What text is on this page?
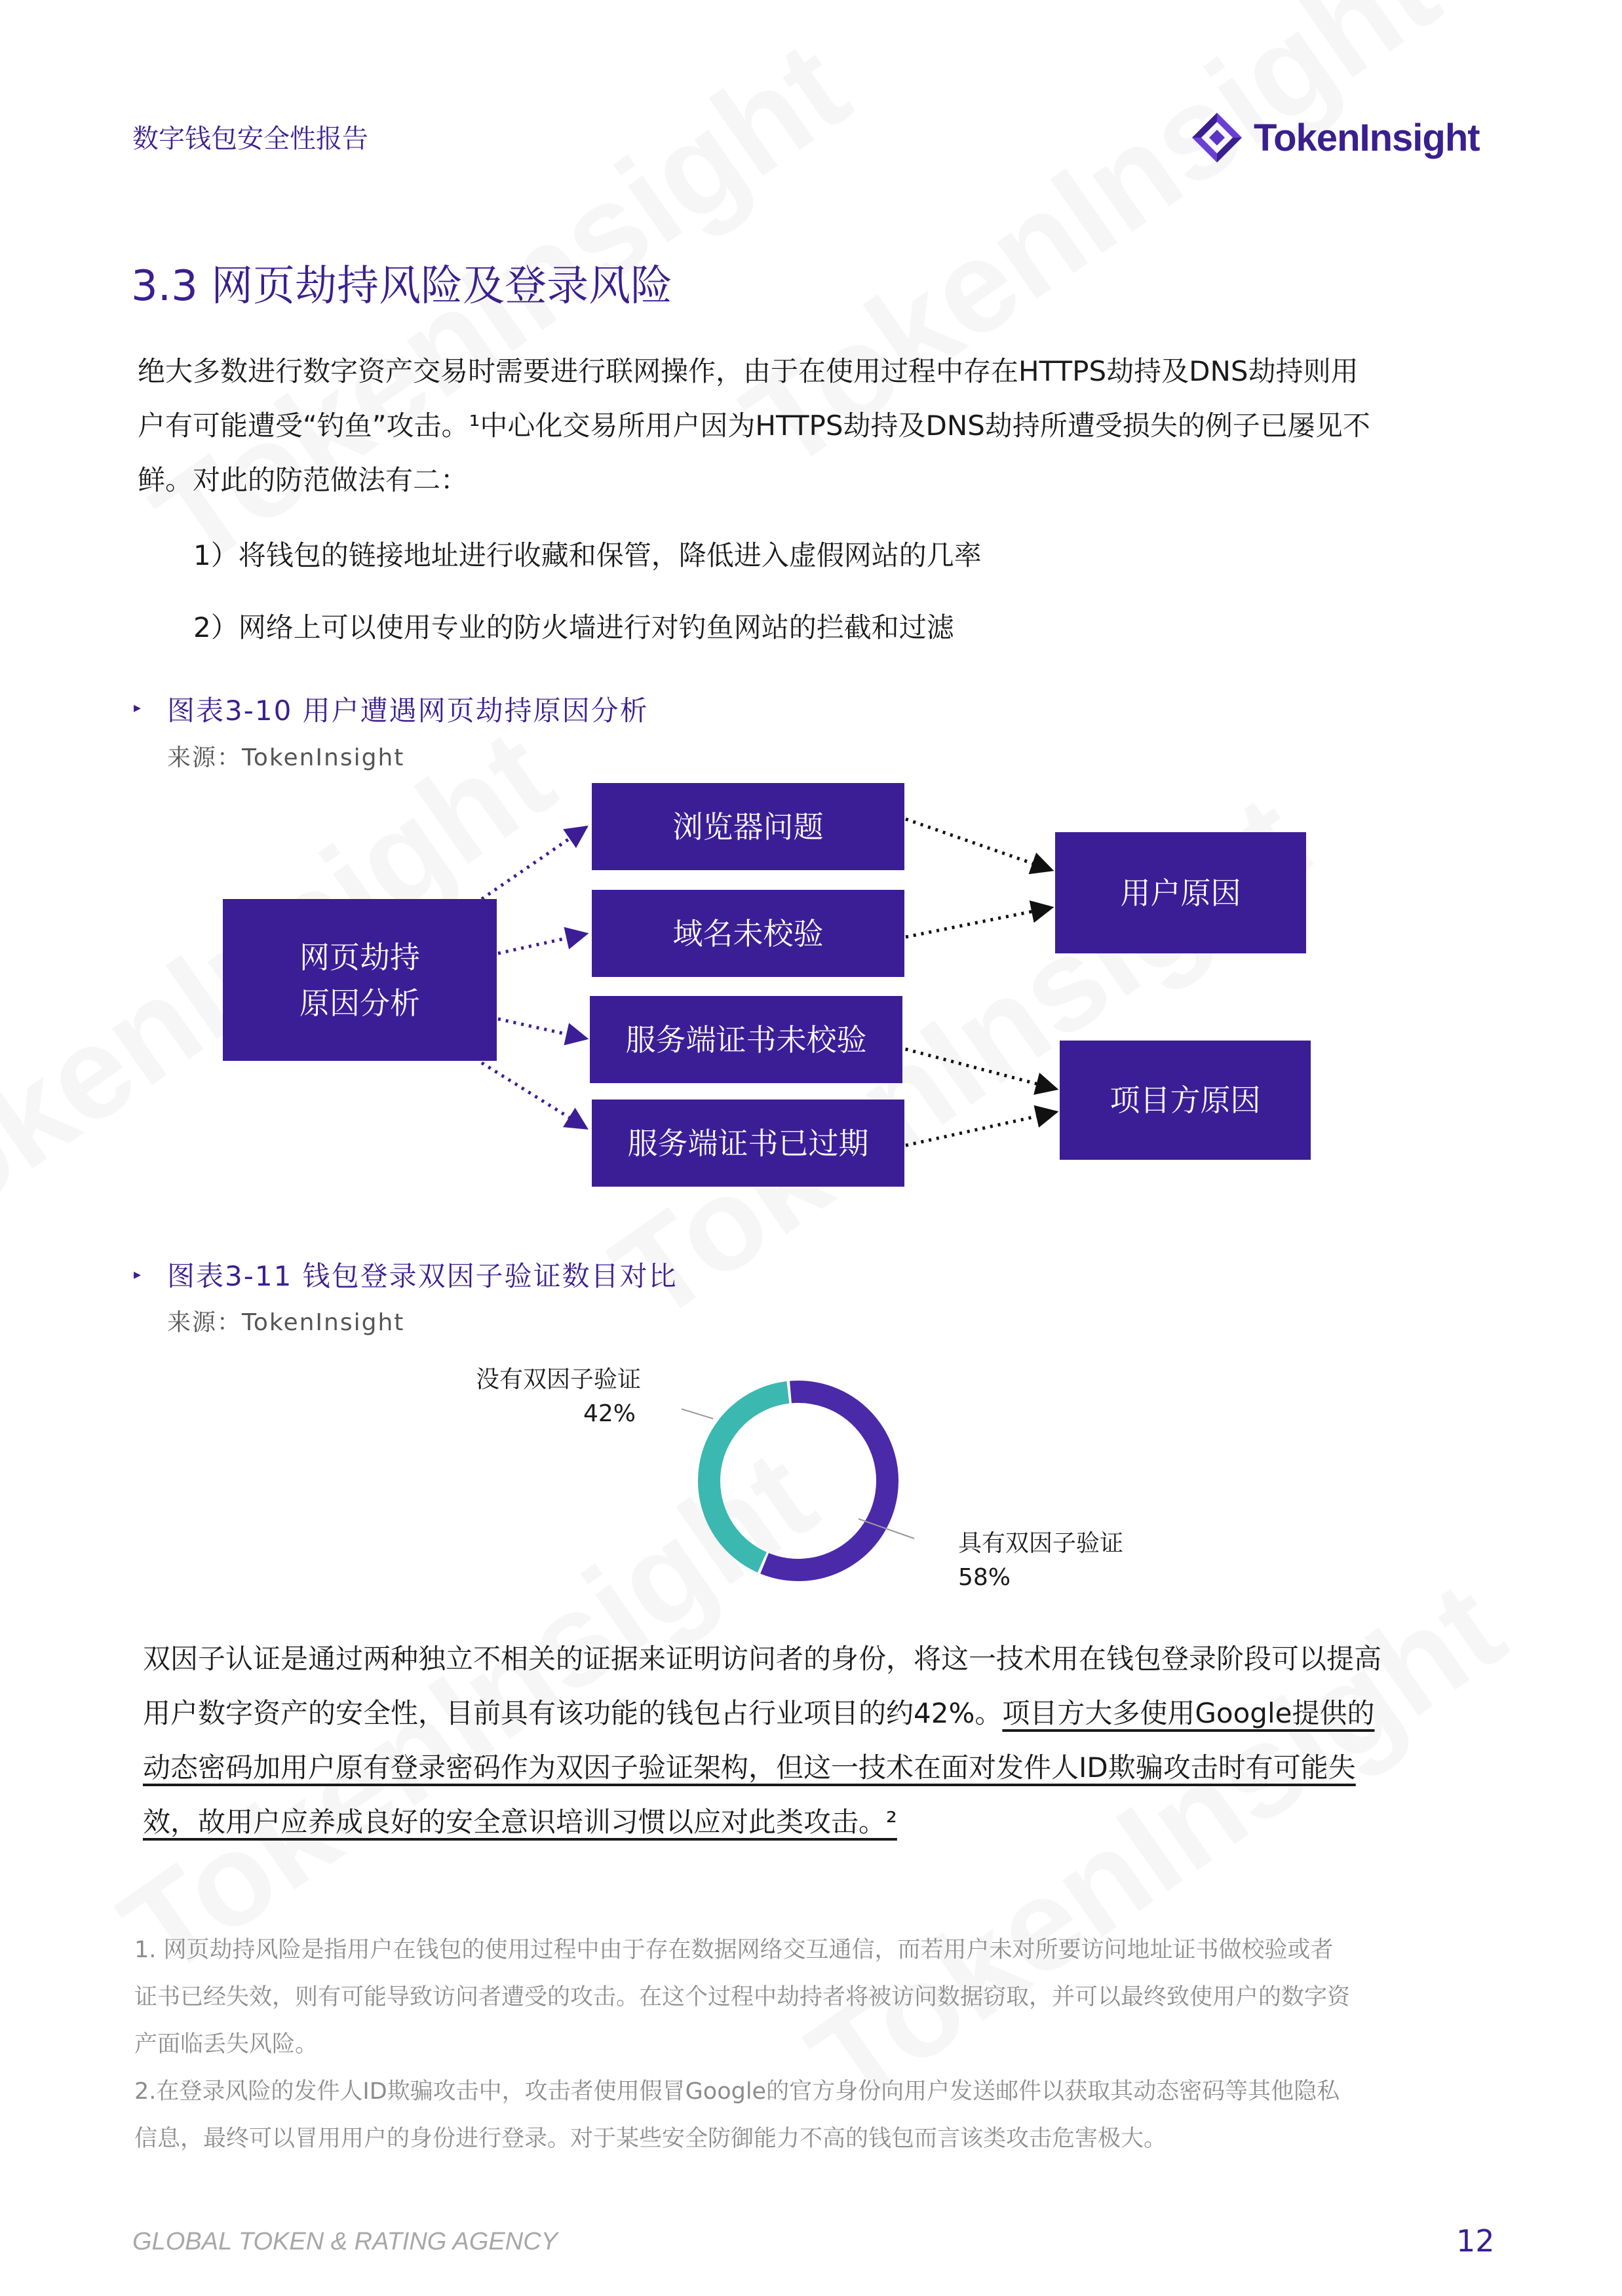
数字钱包安全性报告	TokenInsight
3.3 网页劫持风险及登录风险
绝大多数进行数字资产交易时需要进行联网操作，由于在使用过程中存在HTTPS劫持及DNS劫持则用
户有可能遭受“钓鱼”攻击。¹中心化交易所用户因为HTTPS劫持及DNS劫持所遭受损失的例子已屡见不
鲜。对此的防范做法有二：
1）将钱包的链接地址进行收藏和保管，降低进入虚假网站的几率
2）网络上可以使用专业的防火墙进行对钓鱼网站的拦截和过滤
▸ 图表3-10 用户遭遇网页劫持原因分析
来源：TokenInsight
网页劫持
原因分析
浏览器问题
域名未校验
服务端证书未校验
服务端证书已过期
用户原因
项目方原因
▸ 图表3-11 钱包登录双因子验证数目对比
来源：TokenInsight
没有双因子验证
42%
具有双因子验证
58%
双因子认证是通过两种独立不相关的证据来证明访问者的身份，将这一技术用在钱包登录阶段可以提高
用户数字资产的安全性，目前具有该功能的钱包占行业项目的约42%。项目方大多使用Google提供的
动态密码加用户原有登录密码作为双因子验证架构，但这一技术在面对发件人ID欺骗攻击时有可能失
效，故用户应养成良好的安全意识培训习惯以应对此类攻击。²
1. 网页劫持风险是指用户在钱包的使用过程中由于存在数据网络交互通信，而若用户未对所要访问地址证书做校验或者
证书已经失效，则有可能导致访问者遭受的攻击。在这个过程中劫持者将被访问数据窃取，并可以最终致使用户的数字资
产面临丢失风险。
2.在登录风险的发件人ID欺骗攻击中，攻击者使用假冒Google的官方身份向用户发送邮件以获取其动态密码等其他隐私
信息，最终可以冒用用户的身份进行登录。对于某些安全防御能力不高的钱包而言该类攻击危害极大。
GLOBAL TOKEN & RATING AGENCY	12
